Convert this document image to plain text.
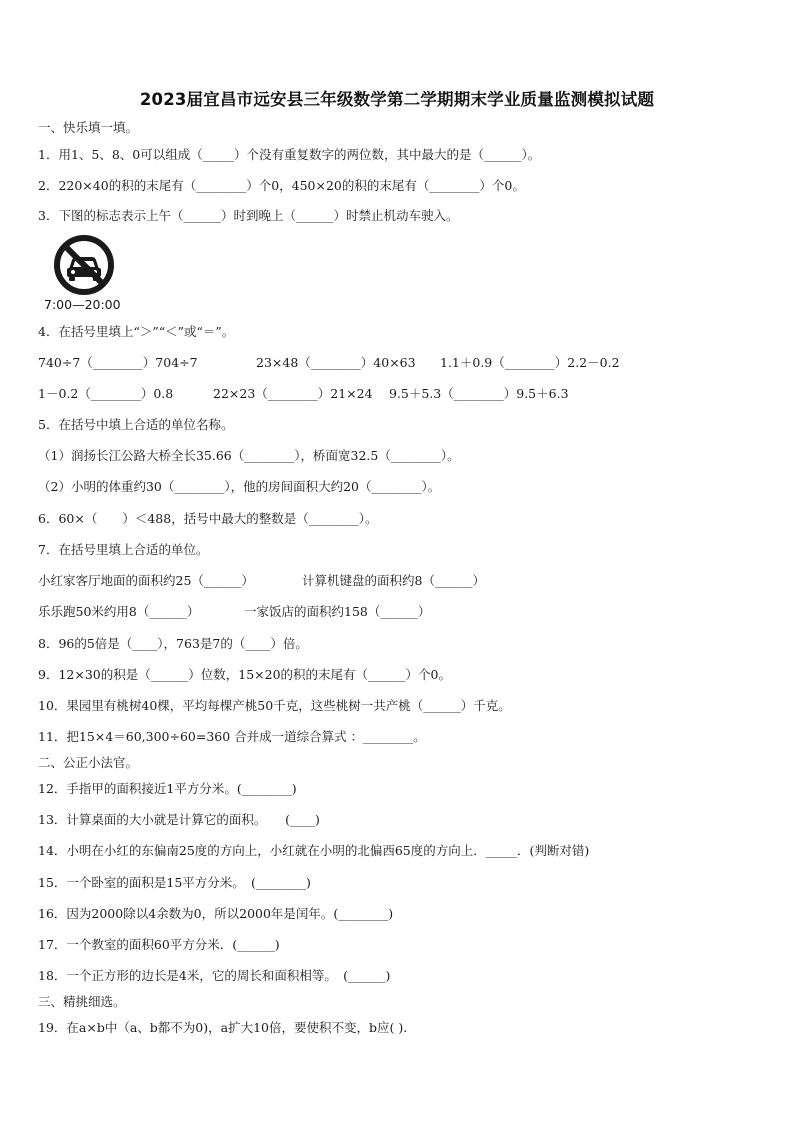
2023届宜昌市远安县三年级数学第二学期期末学业质量监测模拟试题
一、快乐填一填。
1．用1、5、8、0可以组成（_____）个没有重复数字的两位数，其中最大的是（______）。
2．220×40的积的末尾有（________）个0，450×20的积的末尾有（________）个0。
3．下图的标志表示上午（______）时到晚上（______）时禁止机动车驶入。
7:00—20:00
4．在括号里填上“＞”“＜”或“＝”。
740÷7（________）704÷7	23×48（________）40×63 1.1＋0.9（________）2.2－0.2
1－0.2（________）0.8	22×23（________）21×24 9.5＋5.3（________）9.5＋6.3
5．在括号中填上合适的单位名称。
（1）润扬长江公路大桥全长35.66（________），桥面宽32.5（________）。
（2）小明的体重约30（________），他的房间面积大约20（________）。
6．60×（　　）＜488，括号中最大的整数是（________）。
7．在括号里填上合适的单位。
小红家客厅地面的面积约25（______）	计算机键盘的面积约8（______）
乐乐跑50米约用8（______）	一家饭店的面积约158（______）
8．96的5倍是（____），763是7的（____）倍。
9．12×30的积是（______）位数，15×20的积的末尾有（______）个0。
10．果园里有桃树40棵，平均每棵产桃50千克，这些桃树一共产桃（______）千克。
11．把15×4＝60,300÷60=360 合并成一道综合算式 ：________。
二、公正小法官。
12．手指甲的面积接近1平方分米。(________)
13．计算桌面的大小就是计算它的面积。　　(____)
14．小明在小红的东偏南25度的方向上，小红就在小明的北偏西65度的方向上．_____．(判断对错)
15．一个卧室的面积是15平方分米。　(________)
16．因为2000除以4余数为0，所以2000年是闰年。(________)
17．一个教室的面积60平方分米．(______)
18．一个正方形的边长是4米，它的周长和面积相等。　(______)
三、精挑细选。
19．在a×b中（a、b都不为0)，a扩大10倍，要使积不变，b应( ).
